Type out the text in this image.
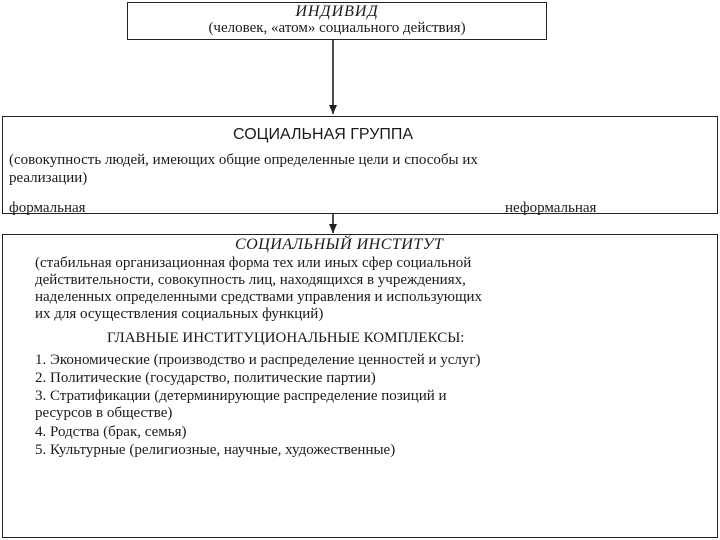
ИНДИВИД
(человек, «атом» социального действия)
СОЦИАЛЬНАЯ ГРУППА
(совокупность людей, имеющих общие определенные цели и способы их
реализации)
формальная	неформальная
СОЦИАЛЬНЫЙ ИНСТИТУТ
(стабильная организационная форма тех или иных сфер социальной
действительности, совокупность лиц, находящихся в учреждениях,
наделенных определенными средствами управления и использующих
их для осуществления социальных функций)
ГЛАВНЫЕ ИНСТИТУЦИОНАЛЬНЫЕ КОМПЛЕКСЫ:
1. Экономические (производство и распределение ценностей и услуг)
2. Политические (государство, политические партии)
3. Стратификации (детерминирующие распределение позиций и
ресурсов в обществе)
4. Родства (брак, семья)
5. Культурные (религиозные, научные, художественные)
